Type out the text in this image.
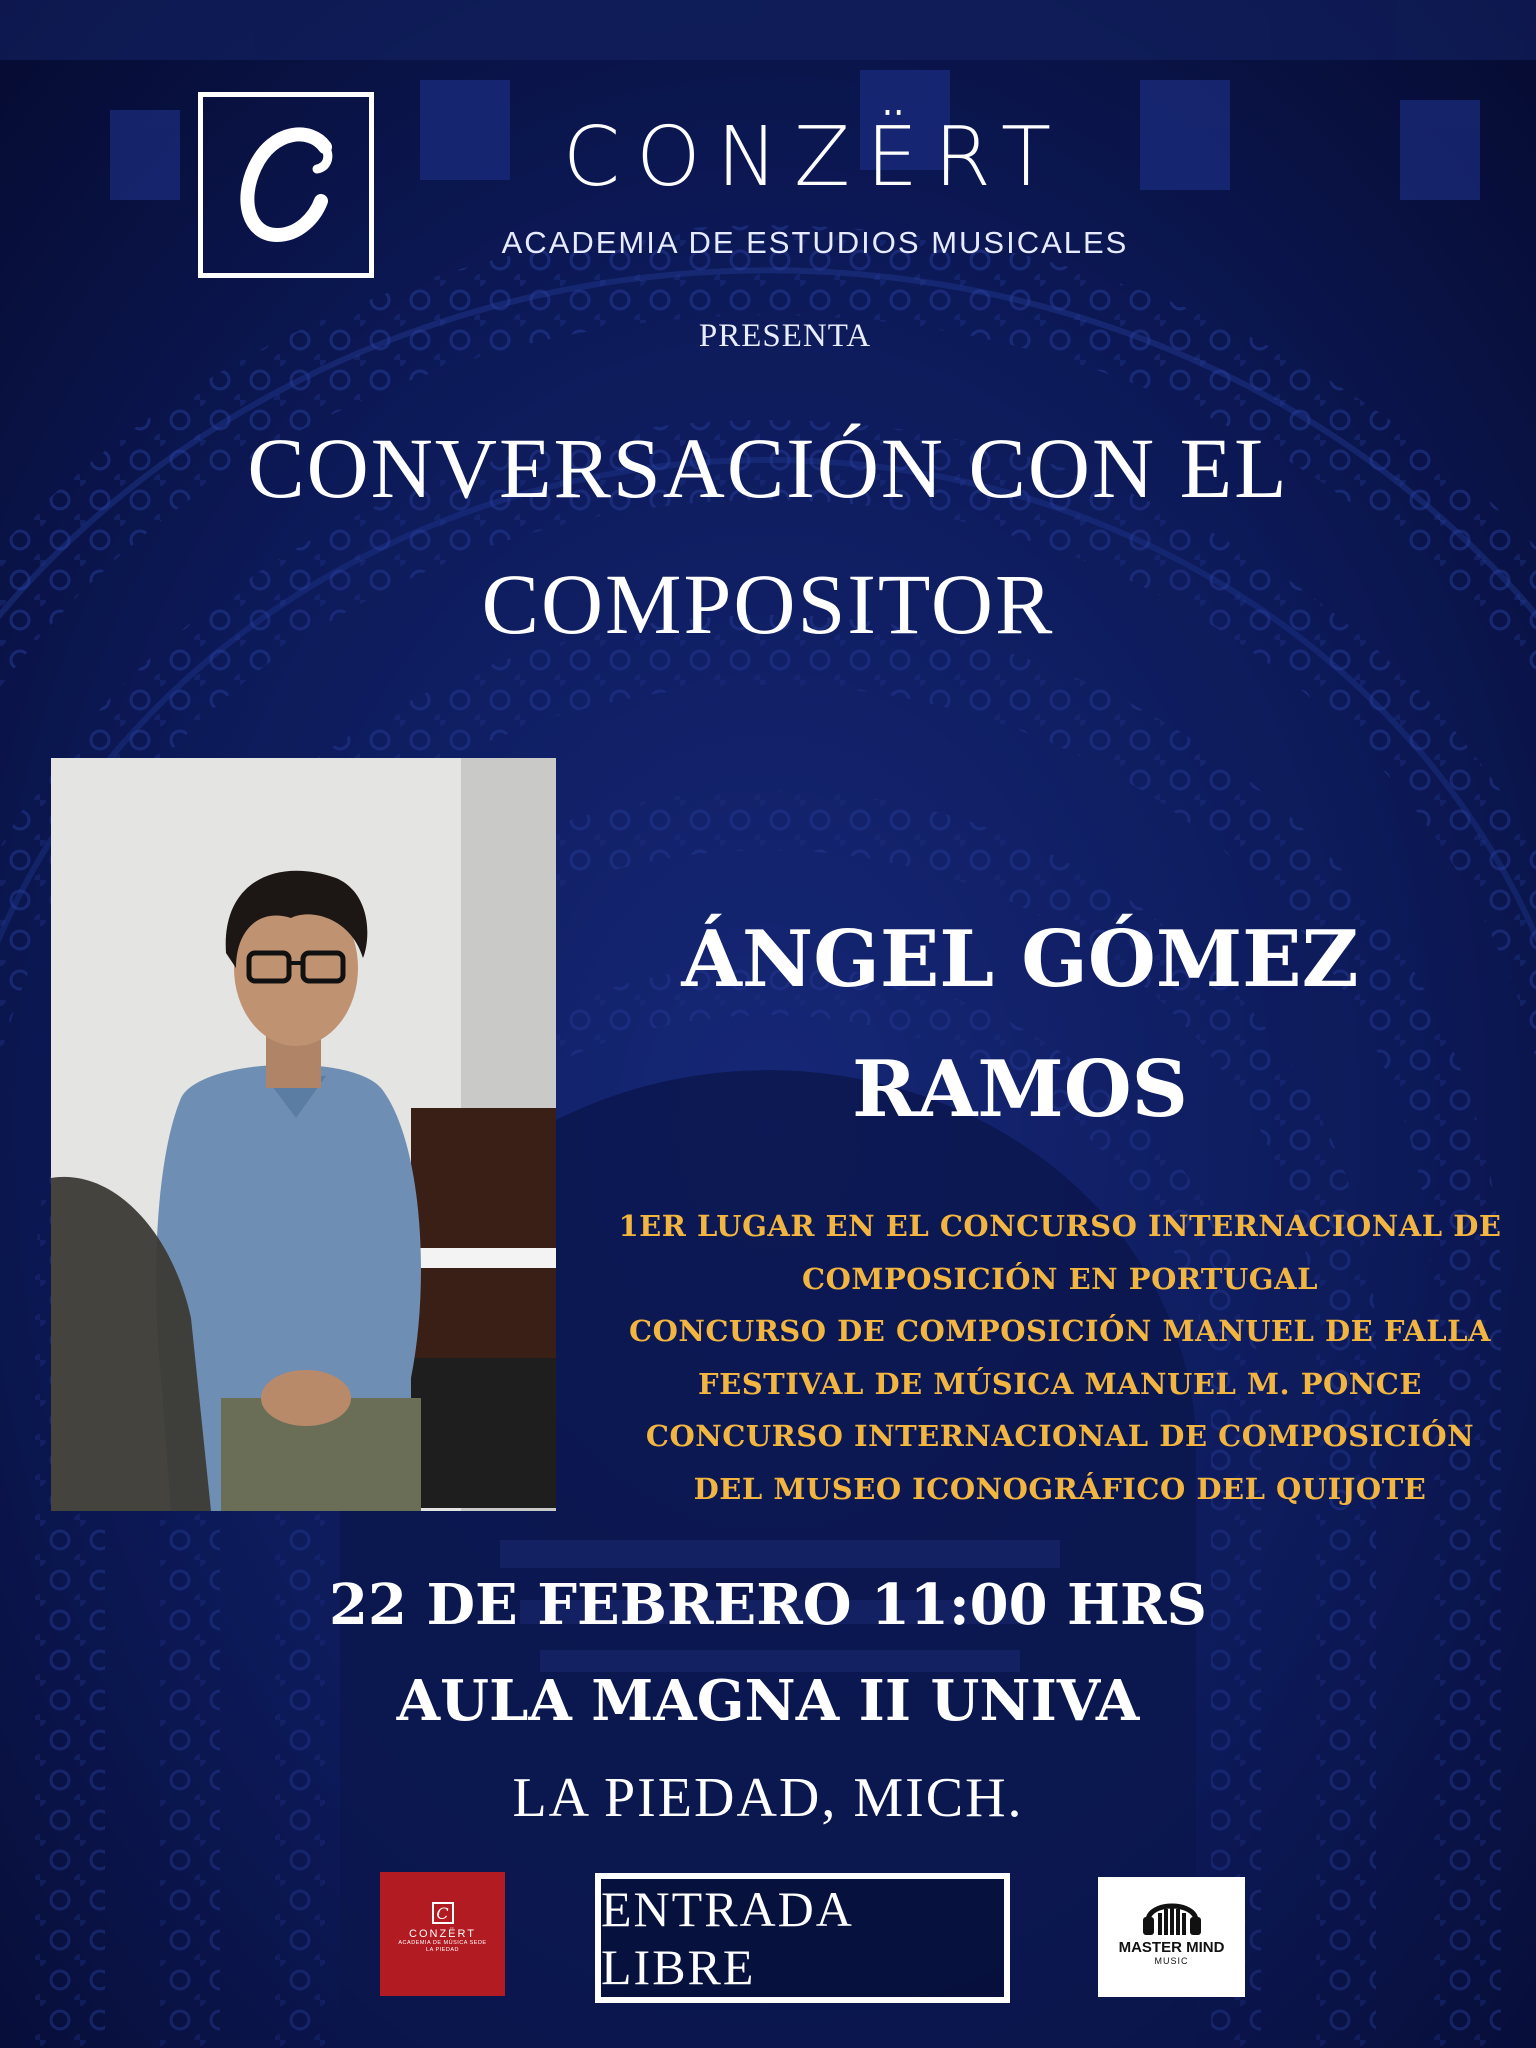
CONZËRT
ACADEMIA DE ESTUDIOS MUSICALES
PRESENTA
CONVERSACIÓN CON EL
COMPOSITOR
ÁNGEL GÓMEZ
RAMOS
1ER LUGAR EN EL CONCURSO INTERNACIONAL DE
COMPOSICIÓN EN PORTUGAL
CONCURSO DE COMPOSICIÓN MANUEL DE FALLA
FESTIVAL DE MÚSICA MANUEL M. PONCE
CONCURSO INTERNACIONAL DE COMPOSICIÓN
DEL MUSEO ICONOGRÁFICO DEL QUIJOTE
22 DE FEBRERO 11:00 HRS
AULA MAGNA II UNIVA
LA PIEDAD, MICH.
C
CONZËRT
ACADEMIA DE MÚSICA SEDE LA PIEDAD
ENTRADA LIBRE	MASTER MIND
MUSIC
